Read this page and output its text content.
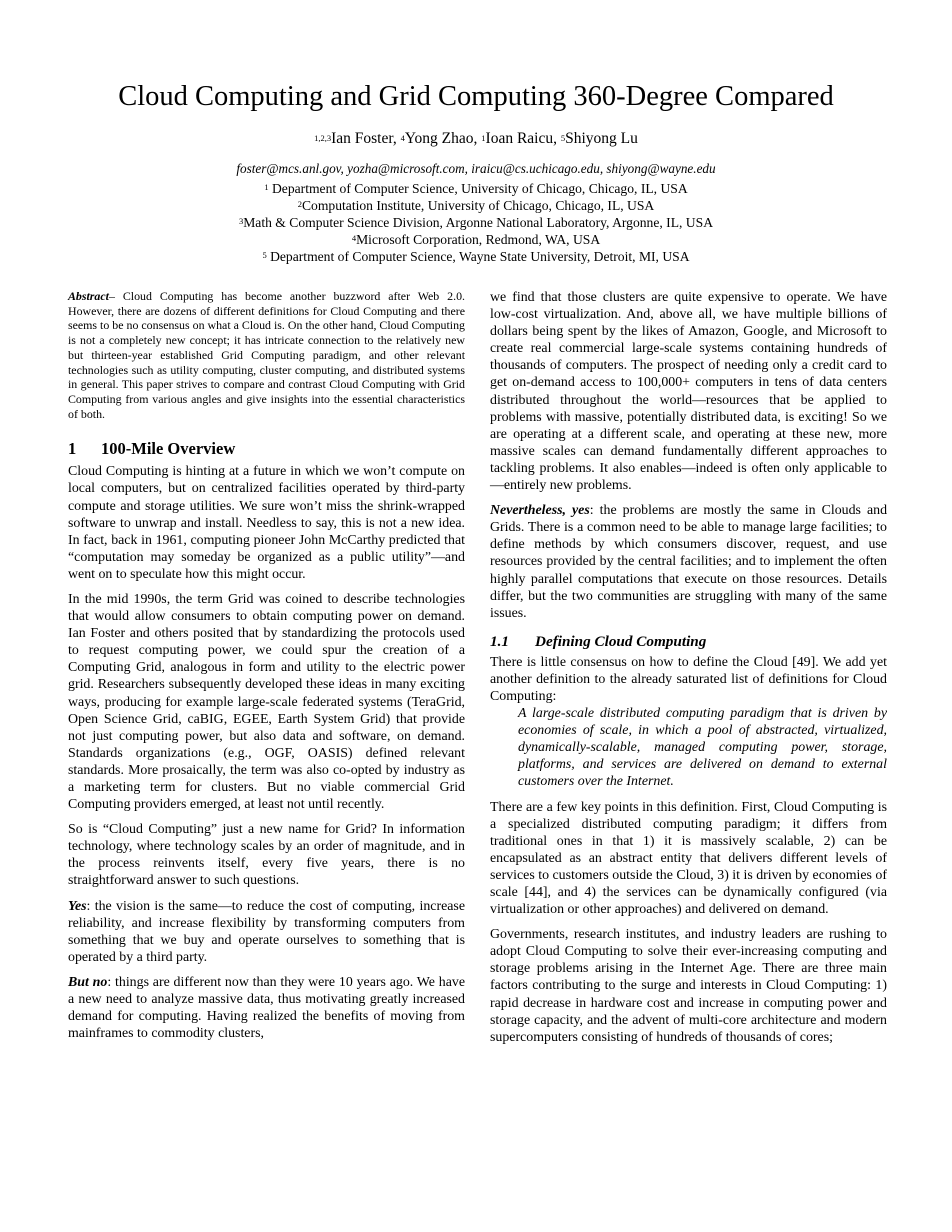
Cloud Computing and Grid Computing 360-Degree Compared
$^{1,2,3}$Ian Foster, $^4$Yong Zhao, $^1$Ioan Raicu, $^5$Shiyong Lu
foster@mcs.anl.gov, yozha@microsoft.com, iraicu@cs.uchicago.edu, shiyong@wayne.edu
$^1$ Department of Computer Science, University of Chicago, Chicago, IL, USA
$^2$Computation Institute, University of Chicago, Chicago, IL, USA
$^3$Math & Computer Science Division, Argonne National Laboratory, Argonne, IL, USA
$^4$Microsoft Corporation, Redmond, WA, USA
$^5$ Department of Computer Science, Wayne State University, Detroit, MI, USA

Abstract– Cloud Computing has become another buzzword after Web 2.0. However, there are dozens of different definitions for Cloud Computing and there seems to be no consensus on what a Cloud is. On the other hand, Cloud Computing is not a completely new concept; it has intricate connection to the relatively new but thirteen-year established Grid Computing paradigm, and other relevant technologies such as utility computing, cluster computing, and distributed systems in general. This paper strives to compare and contrast Cloud Computing with Grid Computing from various angles and give insights into the essential characteristics of both.

1 100-Mile Overview

Cloud Computing is hinting at a future in which we won’t compute on local computers, but on centralized facilities operated by third-party compute and storage utilities. We sure won’t miss the shrink-wrapped software to unwrap and install. Needless to say, this is not a new idea. In fact, back in 1961, computing pioneer John McCarthy predicted that “computation may someday be organized as a public utility”—and went on to speculate how this might occur.

In the mid 1990s, the term Grid was coined to describe technologies that would allow consumers to obtain computing power on demand. Ian Foster and others posited that by standardizing the protocols used to request computing power, we could spur the creation of a Computing Grid, analogous in form and utility to the electric power grid. Researchers subsequently developed these ideas in many exciting ways, producing for example large-scale federated systems (TeraGrid, Open Science Grid, caBIG, EGEE, Earth System Grid) that provide not just computing power, but also data and software, on demand. Standards organizations (e.g., OGF, OASIS) defined relevant standards. More prosaically, the term was also co-opted by industry as a marketing term for clusters. But no viable commercial Grid Computing providers emerged, at least not until recently.

So is “Cloud Computing” just a new name for Grid? In information technology, where technology scales by an order of magnitude, and in the process reinvents itself, every five years, there is no straightforward answer to such questions.

Yes: the vision is the same—to reduce the cost of computing, increase reliability, and increase flexibility by transforming computers from something that we buy and operate ourselves to something that is operated by a third party.

But no: things are different now than they were 10 years ago. We have a new need to analyze massive data, thus motivating greatly increased demand for computing. Having realized the benefits of moving from mainframes to commodity clusters,

we find that those clusters are quite expensive to operate. We have low-cost virtualization. And, above all, we have multiple billions of dollars being spent by the likes of Amazon, Google, and Microsoft to create real commercial large-scale systems containing hundreds of thousands of computers. The prospect of needing only a credit card to get on-demand access to 100,000+ computers in tens of data centers distributed throughout the world—resources that be applied to problems with massive, potentially distributed data, is exciting! So we are operating at a different scale, and operating at these new, more massive scales can demand fundamentally different approaches to tackling problems. It also enables—indeed is often only applicable to—entirely new problems.

Nevertheless, yes: the problems are mostly the same in Clouds and Grids. There is a common need to be able to manage large facilities; to define methods by which consumers discover, request, and use resources provided by the central facilities; and to implement the often highly parallel computations that execute on those resources. Details differ, but the two communities are struggling with many of the same issues.

1.1 Defining Cloud Computing

There is little consensus on how to define the Cloud [49]. We add yet another definition to the already saturated list of definitions for Cloud Computing:

A large-scale distributed computing paradigm that is driven by economies of scale, in which a pool of abstracted, virtualized, dynamically-scalable, managed computing power, storage, platforms, and services are delivered on demand to external customers over the Internet.

There are a few key points in this definition. First, Cloud Computing is a specialized distributed computing paradigm; it differs from traditional ones in that 1) it is massively scalable, 2) can be encapsulated as an abstract entity that delivers different levels of services to customers outside the Cloud, 3) it is driven by economies of scale [44], and 4) the services can be dynamically configured (via virtualization or other approaches) and delivered on demand.

Governments, research institutes, and industry leaders are rushing to adopt Cloud Computing to solve their ever-increasing computing and storage problems arising in the Internet Age. There are three main factors contributing to the surge and interests in Cloud Computing: 1) rapid decrease in hardware cost and increase in computing power and storage capacity, and the advent of multi-core architecture and modern supercomputers consisting of hundreds of thousands of cores;
